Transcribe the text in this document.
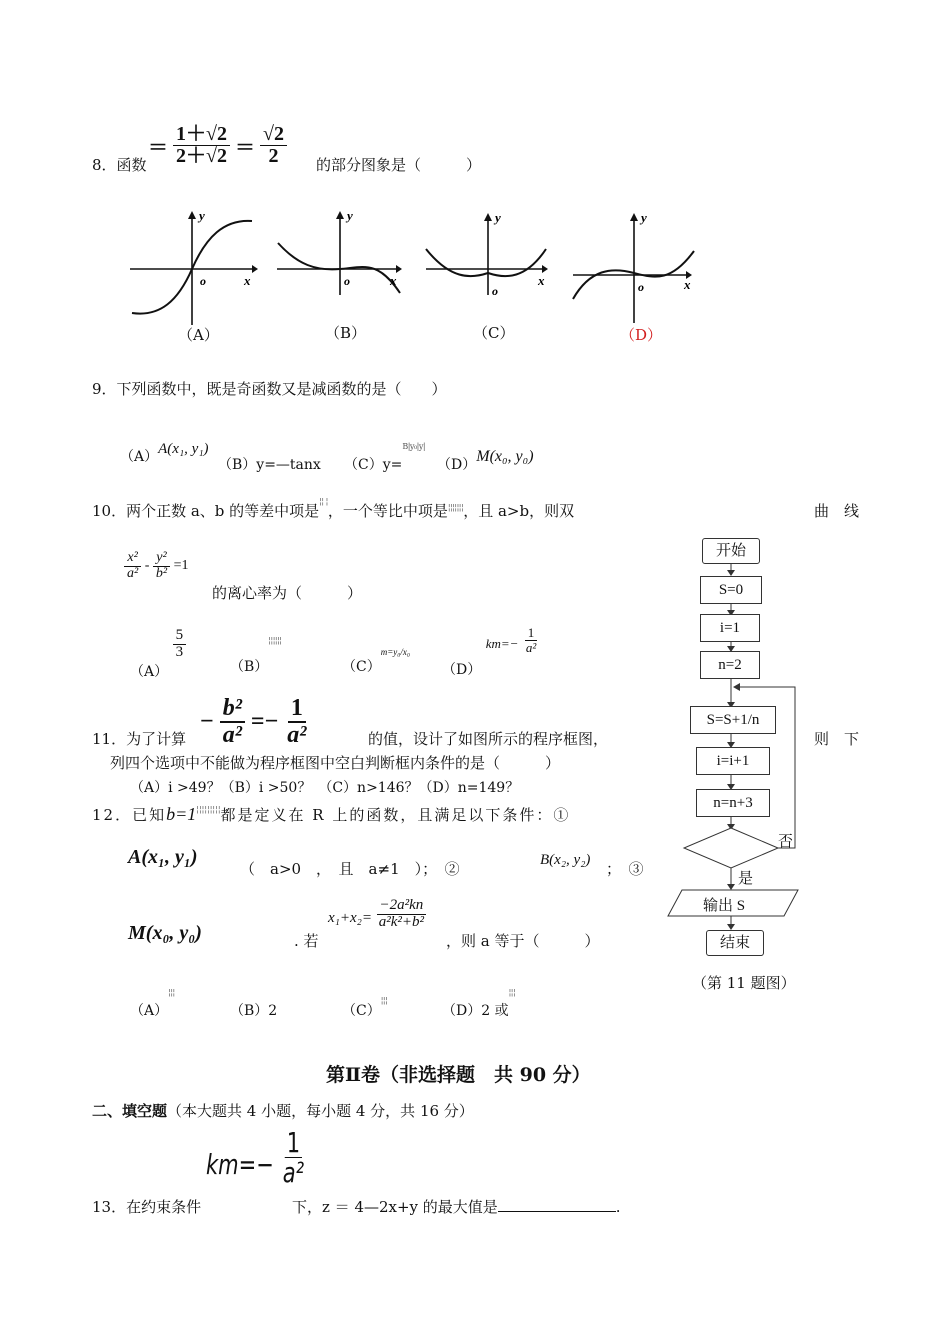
8．函数
＝ $\frac{1+√2}{2+√2} = \frac{√2}{2}$ 的部分图象是（　　　）
y
x
o
y
x
o
y
x
o
y
x
o
（A）	（B）	（C）	（D）
9．下列函数中，既是奇函数又是减函数的是（　　）
（A）A(x₁, y₁)
（B）y=—tanx （C）y=$^{B|y_0|y|}$
（D）M(x₀, y₀)
10．两个正数 a、b 的等差中项是¦¦ ¦，一个等比中项是¦¦¦¦¦¦¦，且 a>b，则双	曲　线
$\frac{\text{x²}}{\text{a²}} - \frac{\text{y²}}{\text{b²}} =1$
的离心率为（　　　）
（A）
$\frac{5}{3}$
（B）¦¦¦¦¦¦
$(C)^{m=y_0/x_0}$
（D） $km=- \frac{1}{\text{a²}}$
11．为了计算
− $\frac{\text{b²}}{\text{a²}} =- \frac{1}{\text{a²}}$	的值，设计了如图所示的程序框图，	则　下
列四个选项中不能做为程序框图中空白判断框内条件的是（　　　）
（A）i >49？（B）i >50？　（C）n>146？（D）n=149？
12．已知b=1¦¦¦¦¦¦¦¦¦都是定义在 R 上的函数，且满足以下条件：①
A(x₁, y₁)
（　a>0　，　且　a≠1　）；　②	B(x₂, y₂) ；　③
M(x₀, y₀)	. 若
$x_1+x_2= \frac{\text{−2a²kn}}{\text{a²k²+b²}}$
，则 a 等于（　　　）
（A）¦¦¦
（B）2	（C）¦¦¦
（D）2 或¦¦¦
开始
S=0
i=1
n=2
S=S+1/n
i=i+1
n=n+3
否
是
输出 S
结束
（第 11 题图）
第Ⅱ卷（非选择题　共 90 分）
二、填空题（本大题共 4 小题，每小题 4 分，共 16 分）
$km=- \frac{1}{\text{a²}}$
13．在约束条件	下，z ＝ 4—2x+y 的最大值是	.
